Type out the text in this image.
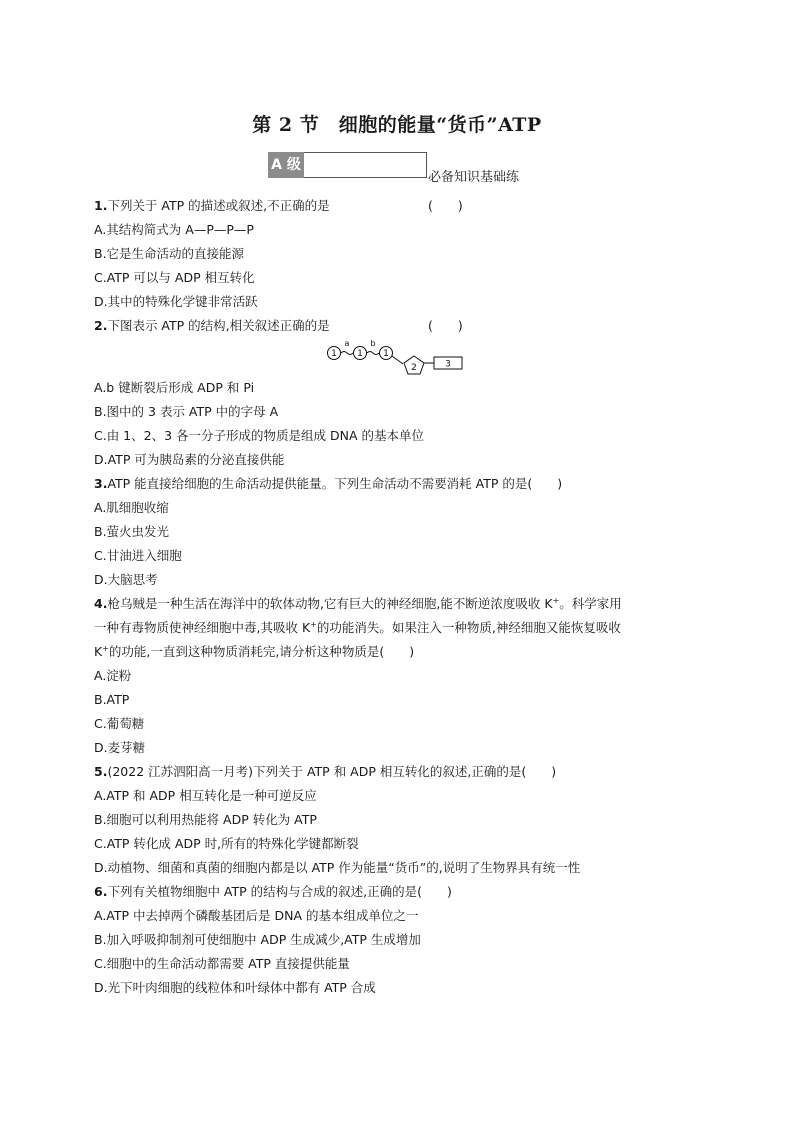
第 2 节　细胞的能量“货币”ATP
A 级
必备知识基础练
1.下列关于 ATP 的描述或叙述,不正确的是	(　　)
A.其结构简式为 A—P—P—P
B.它是生命活动的直接能源
C.ATP 可以与 ADP 相互转化
D.其中的特殊化学键非常活跃
2.下图表示 ATP 的结构,相关叙述正确的是	(　　)
1
a
1
b
1
2	3
A.b 键断裂后形成 ADP 和 Pi
B.图中的 3 表示 ATP 中的字母 A
C.由 1、2、3 各一分子形成的物质是组成 DNA 的基本单位
D.ATP 可为胰岛素的分泌直接供能
3.ATP 能直接给细胞的生命活动提供能量。下列生命活动不需要消耗 ATP 的是(　　)
A.肌细胞收缩
B.萤火虫发光
C.甘油进入细胞
D.大脑思考
4.枪乌贼是一种生活在海洋中的软体动物,它有巨大的神经细胞,能不断逆浓度吸收 K+。科学家用
一种有毒物质使神经细胞中毒,其吸收 K+的功能消失。如果注入一种物质,神经细胞又能恢复吸收
K+的功能,一直到这种物质消耗完,请分析这种物质是(　　)
A.淀粉
B.ATP
C.葡萄糖
D.麦芽糖
5.(2022 江苏泗阳高一月考)下列关于 ATP 和 ADP 相互转化的叙述,正确的是(　　)
A.ATP 和 ADP 相互转化是一种可逆反应
B.细胞可以利用热能将 ADP 转化为 ATP
C.ATP 转化成 ADP 时,所有的特殊化学键都断裂
D.动植物、细菌和真菌的细胞内都是以 ATP 作为能量“货币”的,说明了生物界具有统一性
6.下列有关植物细胞中 ATP 的结构与合成的叙述,正确的是(　　)
A.ATP 中去掉两个磷酸基团后是 DNA 的基本组成单位之一
B.加入呼吸抑制剂可使细胞中 ADP 生成减少,ATP 生成增加
C.细胞中的生命活动都需要 ATP 直接提供能量
D.光下叶肉细胞的线粒体和叶绿体中都有 ATP 合成
